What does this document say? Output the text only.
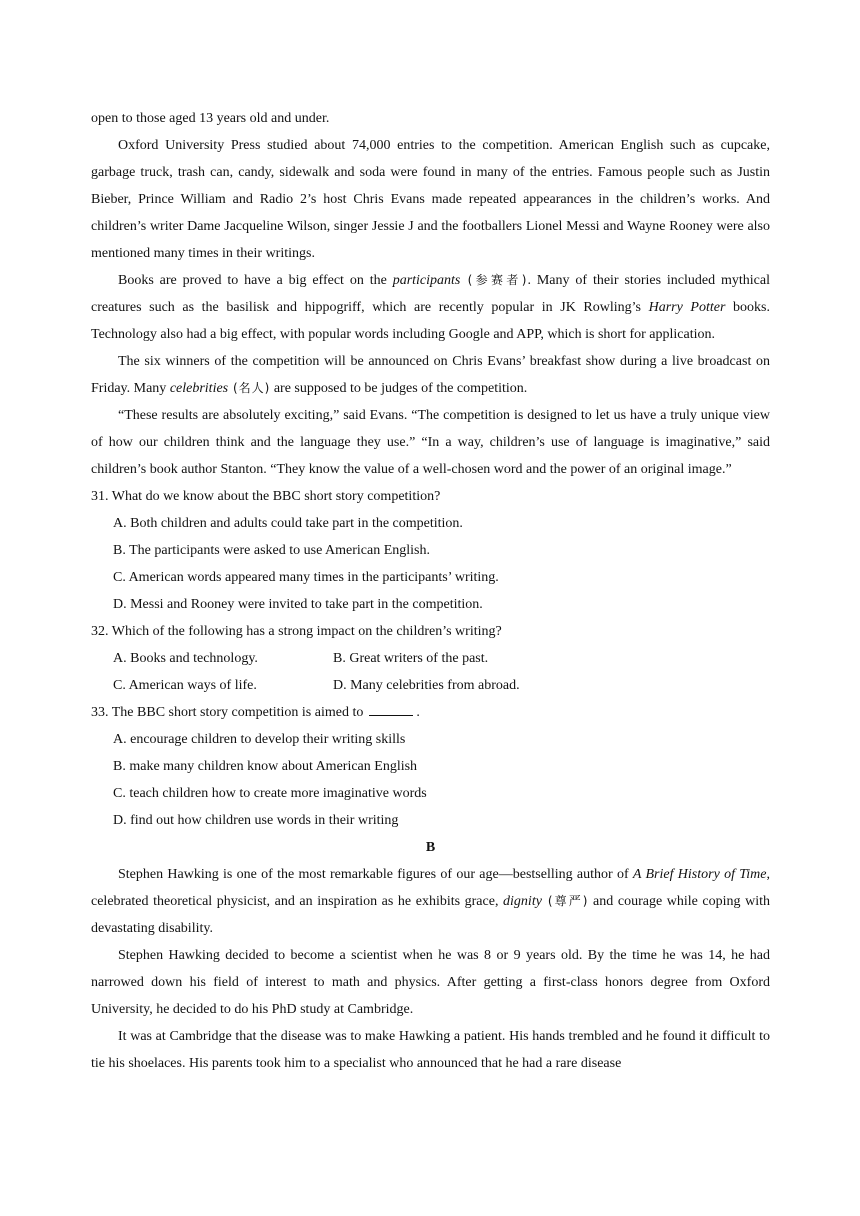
open to those aged 13 years old and under.

Oxford University Press studied about 74,000 entries to the competition. American English such as cupcake, garbage truck, trash can, candy, sidewalk and soda were found in many of the entries. Famous people such as Justin Bieber, Prince William and Radio 2’s host Chris Evans made repeated appearances in the children’s works. And children’s writer Dame Jacqueline Wilson, singer Jessie J and the footballers Lionel Messi and Wayne Rooney were also mentioned many times in their writings.

Books are proved to have a big effect on the participants (参赛者). Many of their stories included mythical creatures such as the basilisk and hippogriff, which are recently popular in JK Rowling’s Harry Potter books. Technology also had a big effect, with popular words including Google and APP, which is short for application.

The six winners of the competition will be announced on Chris Evans’ breakfast show during a live broadcast on Friday. Many celebrities (名人) are supposed to be judges of the competition.

“These results are absolutely exciting,” said Evans. “The competition is designed to let us have a truly unique view of how our children think and the language they use.” “In a way, children’s use of language is imaginative,” said children’s book author Stanton. “They know the value of a well-chosen word and the power of an original image.”

31. What do we know about the BBC short story competition?

A. Both children and adults could take part in the competition.

B. The participants were asked to use American English.

C. American words appeared many times in the participants’ writing.

D. Messi and Rooney were invited to take part in the competition.

32. Which of the following has a strong impact on the children’s writing?

A. Books and technology.	B. Great writers of the past.
C. American ways of life.	D. Many celebrities from abroad.

33. The BBC short story competition is aimed to	.

A. encourage children to develop their writing skills

B. make many children know about American English

C. teach children how to create more imaginative words

D. find out how children use words in their writing

B

Stephen Hawking is one of the most remarkable figures of our age—bestselling author of A Brief History of Time, celebrated theoretical physicist, and an inspiration as he exhibits grace, dignity (尊严) and courage while coping with devastating disability.

Stephen Hawking decided to become a scientist when he was 8 or 9 years old. By the time he was 14, he had narrowed down his field of interest to math and physics. After getting a first-class honors degree from Oxford University, he decided to do his PhD study at Cambridge.

It was at Cambridge that the disease was to make Hawking a patient. His hands trembled and he found it difficult to tie his shoelaces. His parents took him to a specialist who announced that he had a rare disease
